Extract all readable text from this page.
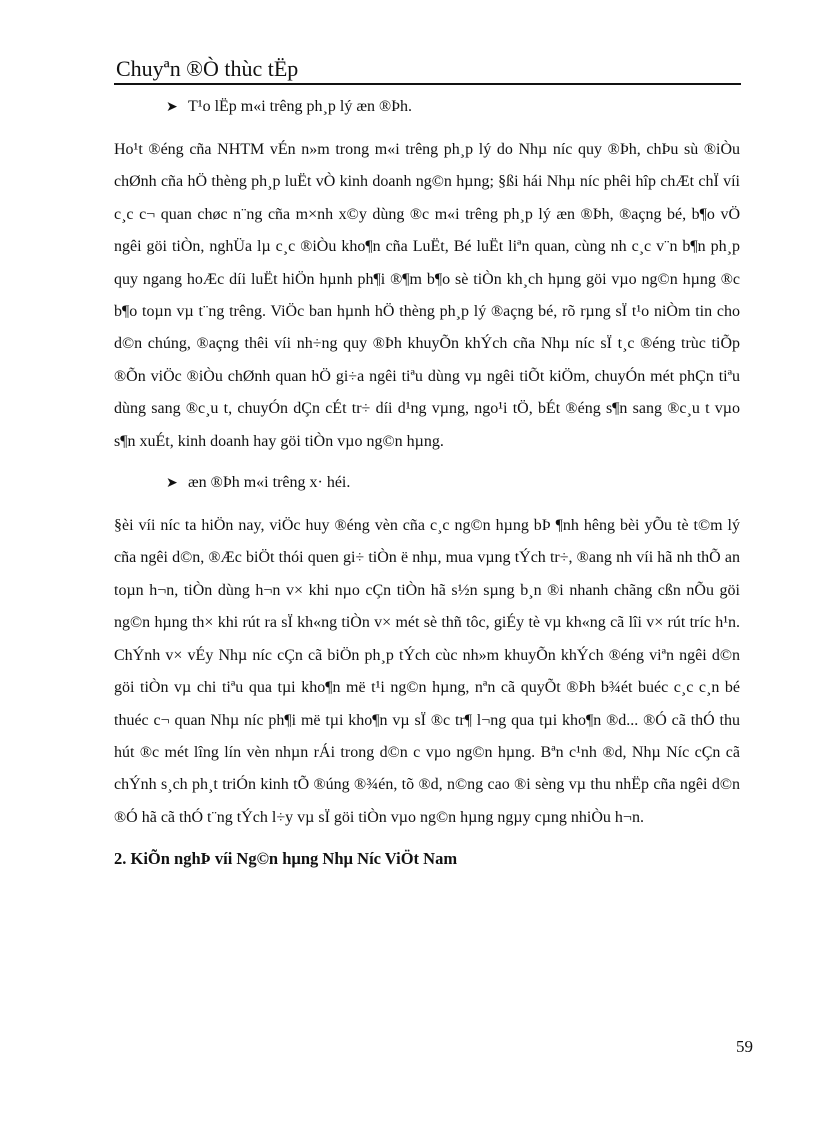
Chuyªn ®Ò thùc tËp
➤ T¹o lËp m«i trêng ph¸p lý æn ®Þh.

Ho¹t ®éng cña NHTM vÉn n»m trong m«i trêng ph¸p lý do Nhµ níc quy ®Þh, chÞu sù ®iÒu chØnh cña hÖ thèng ph¸p luËt vÒ kinh doanh ng©n hµng; §ßi hái Nhµ níc phêi hîp chÆt chÏ víi c¸c c¬ quan chøc n¨ng cña m×nh x©y dùng ®c m«i trêng ph¸p lý æn ®Þh, ®açng bé, b¶o vÖ ngêi göi tiÒn, nghÜa lµ c¸c ®iÒu kho¶n cña LuËt, Bé luËt liªn quan, cùng nh c¸c v¨n b¶n ph¸p quy ngang hoÆc díi luËt hiÖn hµnh ph¶i ®¶m b¶o sè tiÒn kh¸ch hµng göi vµo ng©n hµng ®c b¶o toµn vµ t¨ng trêng. ViÖc ban hµnh hÖ thèng ph¸p lý ®açng bé, rõ rµng sÏ t¹o niÒm tin cho d©n chúng, ®açng thêi víi nh÷ng quy ®Þh khuyÕn khÝch cña Nhµ níc sÏ t¸c ®éng trùc tiÕp ®Õn viÖc ®iÒu chØnh quan hÖ gi÷a ngêi tiªu dùng vµ ngêi tiÕt kiÖm, chuyÓn mét phÇn tiªu dùng sang ®c¸u t, chuyÓn dÇn cÉt tr÷ díi d¹ng vµng, ngo¹i tÖ, bÉt ®éng s¶n sang ®c¸u t vµo s¶n xuÉt, kinh doanh hay göi tiÒn vµo ng©n hµng.

➤ æn ®Þh m«i trêng x· héi.

§èi víi níc ta hiÖn nay, viÖc huy ®éng vèn cña c¸c ng©n hµng bÞ ¶nh hêng bèi yÕu tè t©m lý cña ngêi d©n, ®Æc biÖt thói quen gi÷ tiÒn ë nhµ, mua vµng tÝch tr÷, ®ang nh víi hã nh thÕ an toµn h¬n, tiÒn dùng h¬n v× khi nµo cÇn tiÒn hã s½n sµng b¸n ®i nhanh chãng cßn nÕu göi ng©n hµng th× khi rút ra sÏ kh«ng tiÒn v× mét sè thñ tôc, giÉy tè vµ kh«ng cã lîi v× rút tríc h¹n. ChÝnh v× vÉy Nhµ níc cÇn cã biÖn ph¸p tÝch cùc nh»m khuyÕn khÝch ®éng viªn ngêi d©n göi tiÒn vµ chi tiªu qua tµi kho¶n më t¹i ng©n hµng, nªn cã quyÕt ®Þh b¾ét buéc c¸c c¸n bé thuéc c¬ quan Nhµ níc ph¶i më tµi kho¶n vµ sÏ ®c tr¶ l¬ng qua tµi kho¶n ®d... ®Ó cã thÓ thu hút ®c mét lîng lín vèn nhµn rÁi trong d©n c vµo ng©n hµng. Bªn c¹nh ®d, Nhµ Níc cÇn cã chÝnh s¸ch ph¸t triÓn kinh tÕ ®úng ®¾én, tõ ®d, n©ng cao ®i sèng vµ thu nhËp cña ngêi d©n ®Ó hã cã thÓ t¨ng tÝch l÷y vµ sÏ göi tiÒn vµo ng©n hµng ngµy cµng nhiÒu h¬n.

2. KiÕn nghÞ víi Ng©n hµng Nhµ Níc ViÖt Nam
59
